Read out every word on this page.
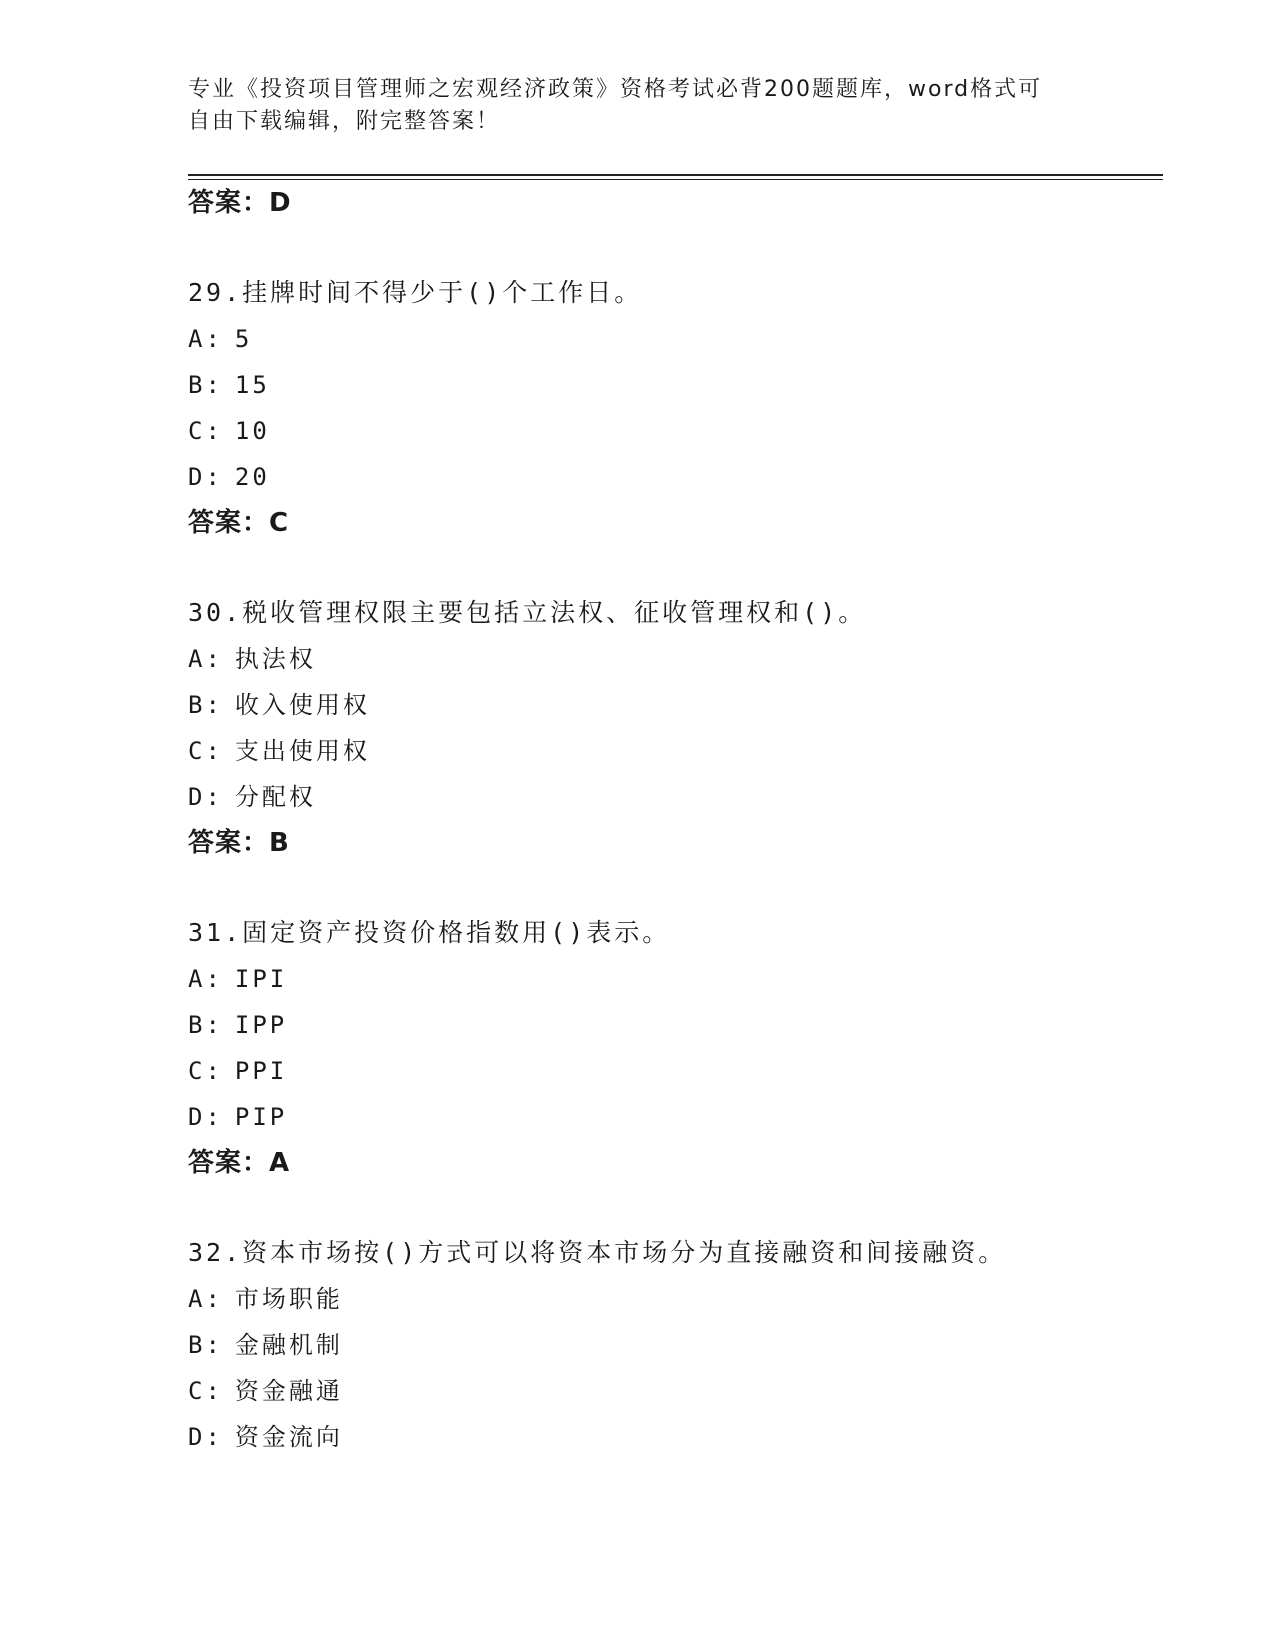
专业《投资项目管理师之宏观经济政策》资格考试必背200题题库，word格式可
自由下载编辑，附完整答案！

答案：D

29.挂牌时间不得少于()个工作日。

A: 5

B: 15

C: 10

D: 20

答案：C

30.税收管理权限主要包括立法权、征收管理权和()。

A: 执法权

B: 收入使用权

C: 支出使用权

D: 分配权

答案：B

31.固定资产投资价格指数用()表示。

A: IPI

B: IPP

C: PPI

D: PIP

答案：A

32.资本市场按()方式可以将资本市场分为直接融资和间接融资。

A: 市场职能

B: 金融机制

C: 资金融通

D: 资金流向
